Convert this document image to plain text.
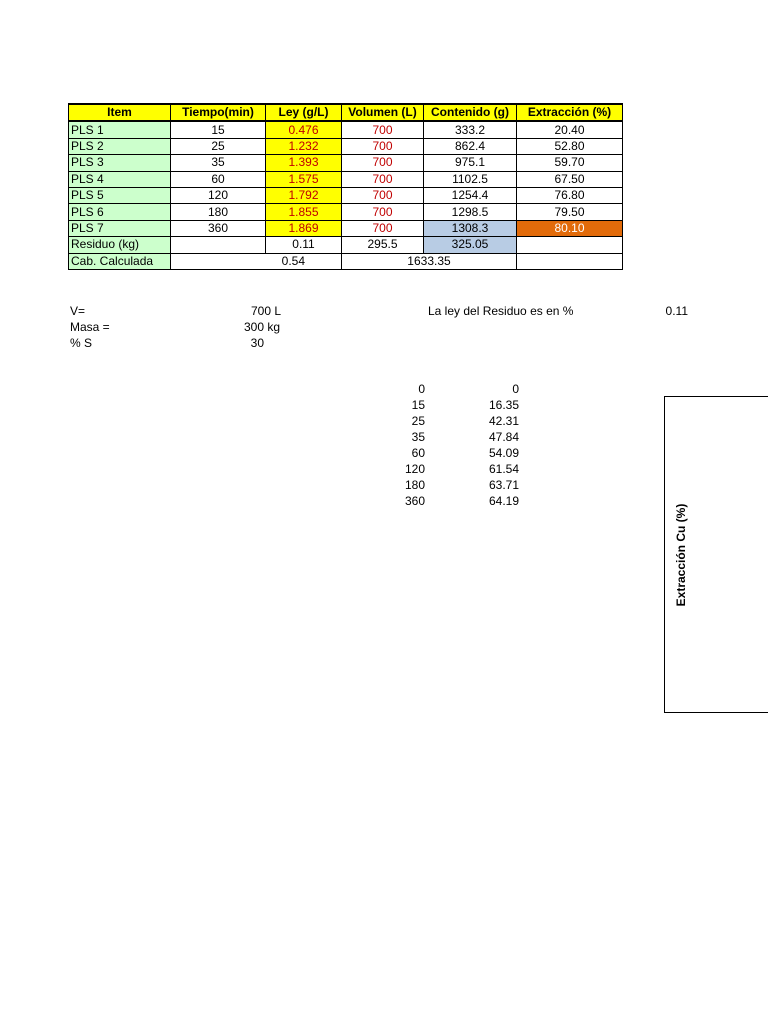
Item	Tiempo(min)	Ley (g/L)	Volumen (L)	Contenido (g)	Extracción (%)
PLS 1	15	0.476	700	333.2	20.40
PLS 2	25	1.232	700	862.4	52.80
PLS 3	35	1.393	700	975.1	59.70
PLS 4	60	1.575	700	1102.5	67.50
PLS 5	120	1.792	700	1254.4	76.80
PLS 6	180	1.855	700	1298.5	79.50
PLS 7	360	1.869	700	1308.3	80.10
Residuo (kg)		0.11	295.5	325.05	
Cab. Calculada	0.54		1633.35		
V=	700 L
Masa =	300 kg
% S	30
La ley del Residuo es en %	0.11
0	0
15	16.35
25	42.31
35	47.84
60	54.09
120	61.54
180	63.71
360	64.19
Extracción Cu (%)
